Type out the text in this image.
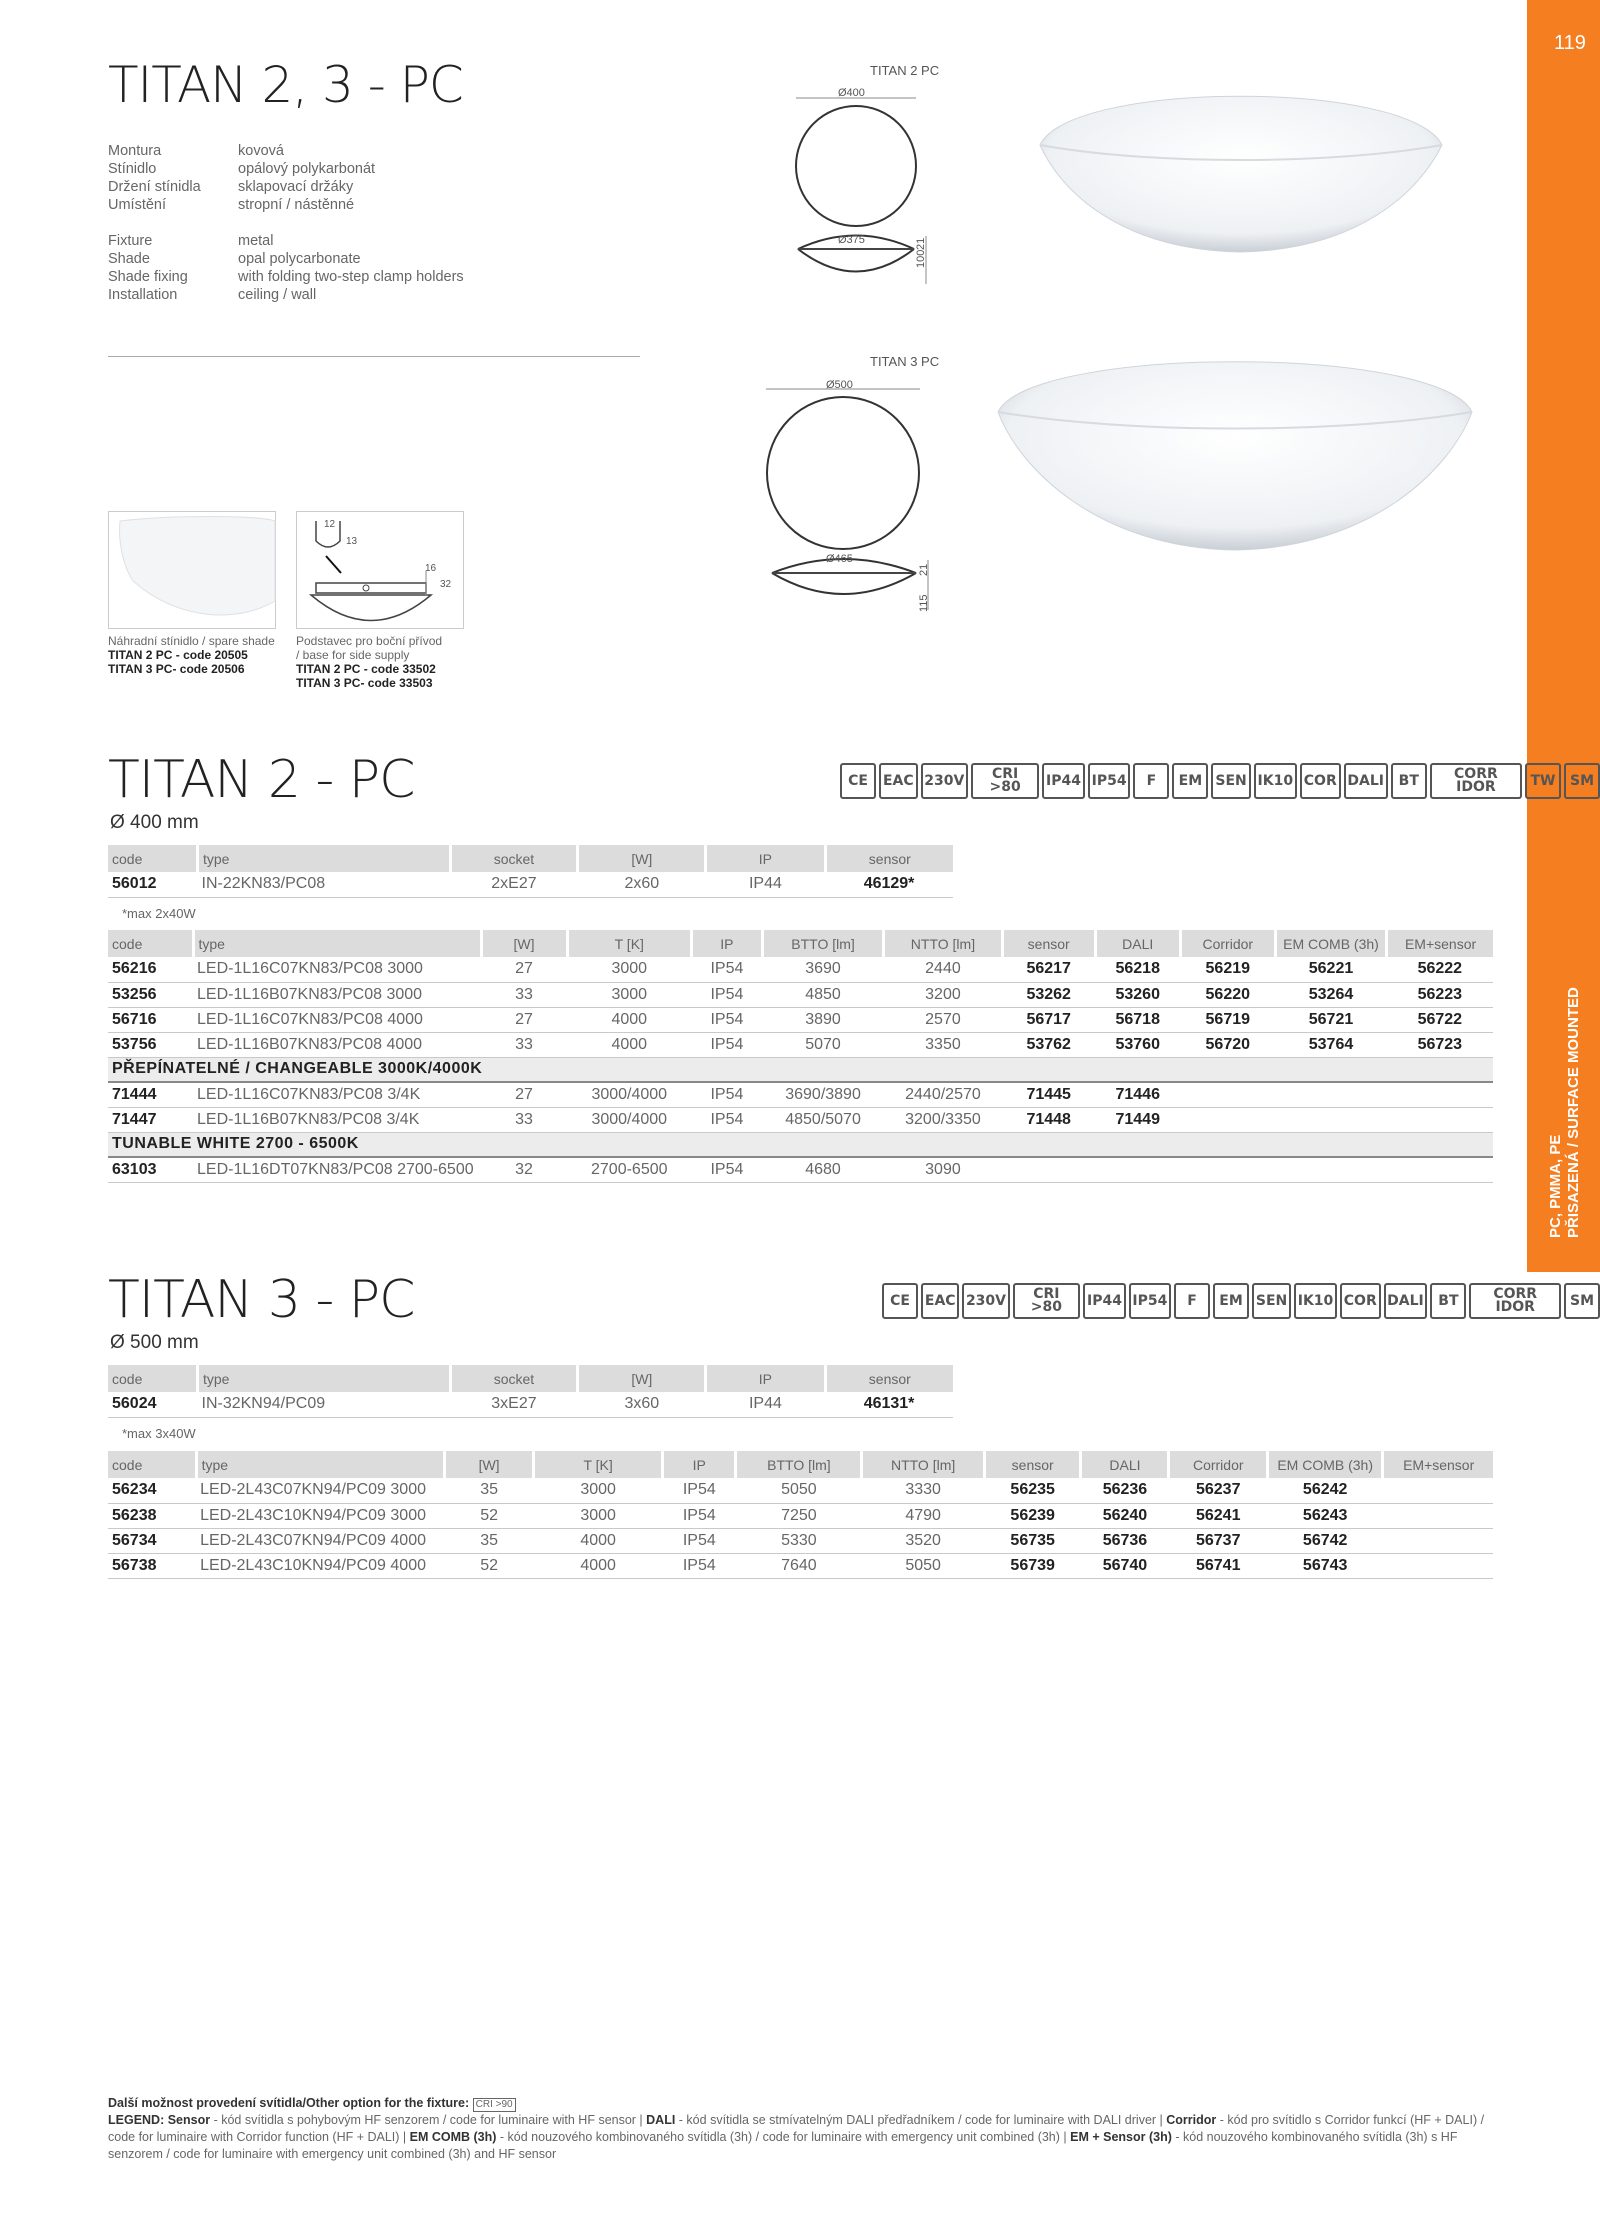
119
PC, PMMA, PE PŘISAZENÁ / SURFACE MOUNTED
TITAN 2, 3 - PC
Montura	kovová
Stínidlo	opálový polykarbonát
Držení stínidla	sklapovací držáky
Umístění	stropní / nástěnné
Fixture	metal
Shade	opal polycarbonate
Shade fixing	with folding two-step clamp holders
Installation	ceiling / wall
TITAN 2 PC
Ø400
Ø375
100
21
TITAN 3 PC
Ø500
Ø465
115
21
12
13
16
32
Náhradní stínidlo / spare shade
TITAN 2 PC - code 20505
TITAN 3 PC- code 20506
Podstavec pro boční přívod
/ base for side supply
TITAN 2 PC - code 33502
TITAN 3 PC- code 33503
TITAN 2 - PC
Ø 400 mm
CE	EAC 230V	CRI >80	IP44 IP54	F	EM SEN IK10 COR DALI	BT	CORR IDOR	TW	SM
code	type	socket	[W]	IP	sensor
56012	IN-22KN83/PC08	2xE27	2x60	IP44	46129*
*max 2x40W
code	type	[W]	T [K]	IP	BTTO [lm]	NTTO [lm]	sensor	DALI	Corridor	EM COMB (3h)	EM+sensor
56216	LED-1L16C07KN83/PC08 3000	27	3000	IP54	3690	2440	56217	56218	56219	56221	56222
53256	LED-1L16B07KN83/PC08 3000	33	3000	IP54	4850	3200	53262	53260	56220	53264	56223
56716	LED-1L16C07KN83/PC08 4000	27	4000	IP54	3890	2570	56717	56718	56719	56721	56722
53756	LED-1L16B07KN83/PC08 4000	33	4000	IP54	5070	3350	53762	53760	56720	53764	56723
PŘEPÍNATELNÉ / CHANGEABLE 3000K/4000K											
71444	LED-1L16C07KN83/PC08 3/4K	27	3000/4000	IP54	3690/3890	2440/2570	71445	71446			
71447	LED-1L16B07KN83/PC08 3/4K	33	3000/4000	IP54	4850/5070	3200/3350	71448	71449			
TUNABLE WHITE 2700 - 6500K											
63103	LED-1L16DT07KN83/PC08 2700-6500	32	2700-6500	IP54	4680	3090					
TITAN 3 - PC
Ø 500 mm
CE	EAC 230V	CRI >80	IP44 IP54	F	EM SEN IK10 COR DALI	BT	CORR IDOR	SM
code	type	socket	[W]	IP	sensor
56024	IN-32KN94/PC09	3xE27	3x60	IP44	46131*
*max 3x40W
code	type	[W]	T [K]	IP	BTTO [lm]	NTTO [lm]	sensor	DALI	Corridor	EM COMB (3h)	EM+sensor
56234	LED-2L43C07KN94/PC09 3000	35	3000	IP54	5050	3330	56235	56236	56237	56242	
56238	LED-2L43C10KN94/PC09 3000	52	3000	IP54	7250	4790	56239	56240	56241	56243	
56734	LED-2L43C07KN94/PC09 4000	35	4000	IP54	5330	3520	56735	56736	56737	56742	
56738	LED-2L43C10KN94/PC09 4000	52	4000	IP54	7640	5050	56739	56740	56741	56743	
Další možnost provedení svítidla/Other option for the fixture: CRI >90
LEGEND: Sensor - kód svítidla s pohybovým HF senzorem / code for luminaire with HF sensor | DALI - kód svítidla se stmívatelným DALI předřadníkem / code for luminaire with DALI driver | Corridor - kód pro svítidlo s Corridor funkcí (HF + DALI) / code for luminaire with Corridor function (HF + DALI) | EM COMB (3h) - kód nouzového kombinovaného svítidla (3h) / code for luminaire with emergency unit combined (3h) | EM + Sensor (3h) - kód nouzového kombinovaného svítidla (3h) s HF senzorem / code for luminaire with emergency unit combined (3h) and HF sensor
